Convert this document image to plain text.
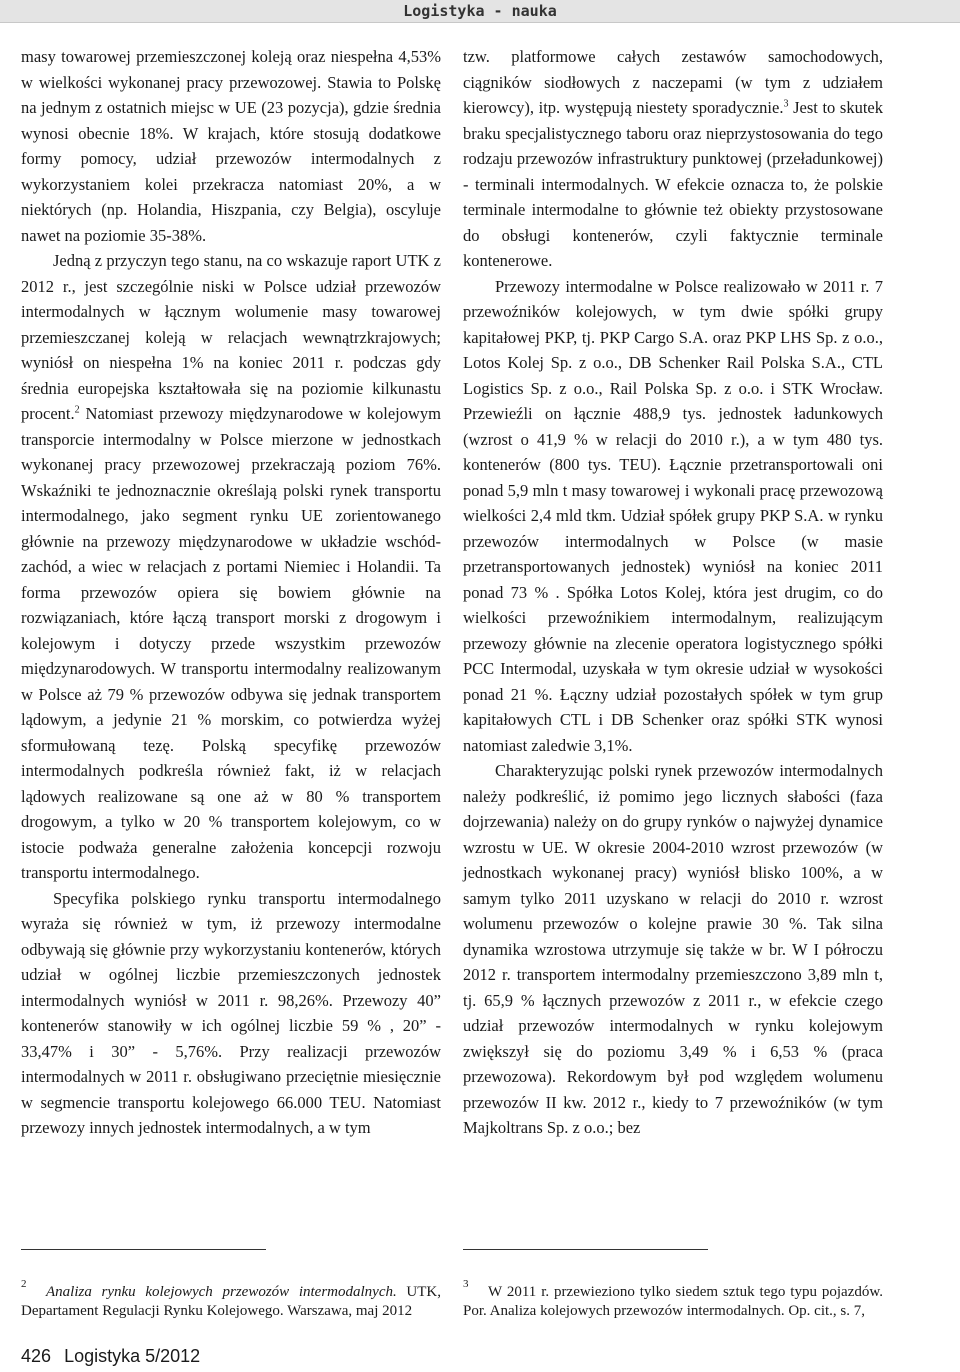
Logistyka - nauka

masy towarowej przemieszczonej koleją oraz niespełna 4,53% w wielkości wykonanej pracy przewozowej. Stawia to Polskę na jednym z ostatnich miejsc w UE (23 pozycja), gdzie średnia wynosi obecnie 18%. W krajach, które stosują dodatkowe formy pomocy, udział przewozów intermodalnych z wykorzystaniem kolei przekracza natomiast 20%, a w niektórych (np. Holandia, Hiszpania, czy Belgia), oscyluje nawet na poziomie 35-38%.

Jedną z przyczyn tego stanu, na co wskazuje raport UTK z 2012 r., jest szczególnie niski w Polsce udział przewozów intermodalnych w łącznym wolumenie masy towarowej przemieszczanej koleją w relacjach wewnątrzkrajowych; wyniósł on niespełna 1% na koniec 2011 r. podczas gdy średnia europejska kształtowała się na poziomie kilkunastu procent.$^2$ Natomiast przewozy międzynarodowe w kolejowym transporcie intermodalny w Polsce mierzone w jednostkach wykonanej pracy przewozowej przekraczają poziom 76%. Wskaźniki te jednoznacznie określają polski rynek transportu intermodalnego, jako segment rynku UE zorientowanego głównie na przewozy międzynarodowe w układzie wschód-zachód, a wiec w relacjach z portami Niemiec i Holandii. Ta forma przewozów opiera się bowiem głównie na rozwiązaniach, które łączą transport morski z drogowym i kolejowym i dotyczy przede wszystkim przewozów międzynarodowych. W transportu intermodalny realizowanym w Polsce aż 79 % przewozów odbywa się jednak transportem lądowym, a jedynie 21 % morskim, co potwierdza wyżej sformułowaną tezę. Polską specyfikę przewozów intermodalnych podkreśla również fakt, iż w relacjach lądowych realizowane są one aż w 80 % transportem drogowym, a tylko w 20 % transportem kolejowym, co w istocie podważa generalne założenia koncepcji rozwoju transportu intermodalnego.

Specyfika polskiego rynku transportu intermodalnego wyraża się również w tym, iż przewozy intermodalne odbywają się głównie przy wykorzystaniu kontenerów, których udział w ogólnej liczbie przemieszczonych jednostek intermodalnych wyniósł w 2011 r. 98,26%. Przewozy 40” kontenerów stanowiły w ich ogólnej liczbie 59 % , 20” - 33,47% i 30” - 5,76%. Przy realizacji przewozów intermodalnych w 2011 r. obsługiwano przeciętnie miesięcznie w segmencie transportu kolejowego 66.000 TEU. Natomiast przewozy innych jednostek intermodalnych, a w tym

tzw. platformowe całych zestawów samochodowych, ciągników siodłowych z naczepami (w tym z udziałem kierowcy), itp. występują niestety sporadycznie.$^3$ Jest to skutek braku specjalistycznego taboru oraz nieprzystosowania do tego rodzaju przewozów infrastruktury punktowej (przeładunkowej) - terminali intermodalnych. W efekcie oznacza to, że polskie terminale intermodalne to głównie też obiekty przystosowane do obsługi kontenerów, czyli faktycznie terminale kontenerowe.

Przewozy intermodalne w Polsce realizowało w 2011 r. 7 przewoźników kolejowych, w tym dwie spółki grupy kapitałowej PKP, tj. PKP Cargo S.A. oraz PKP LHS Sp. z o.o., Lotos Kolej Sp. z o.o., DB Schenker Rail Polska S.A., CTL Logistics Sp. z o.o., Rail Polska Sp. z o.o. i STK Wrocław. Przewieźli on łącznie 488,9 tys. jednostek ładunkowych (wzrost o 41,9 % w relacji do 2010 r.), a w tym 480 tys. kontenerów (800 tys. TEU). Łącznie przetransportowali oni ponad 5,9 mln t masy towarowej i wykonali pracę przewozową wielkości 2,4 mld tkm. Udział spółek grupy PKP S.A. w rynku przewozów intermodalnych w Polsce (w masie przetransportowanych jednostek) wyniósł na koniec 2011 ponad 73 % . Spółka Lotos Kolej, która jest drugim, co do wielkości przewoźnikiem intermodalnym, realizującym przewozy głównie na zlecenie operatora logistycznego spółki PCC Intermodal, uzyskała w tym okresie udział w wysokości ponad 21 %. Łączny udział pozostałych spółek w tym grup kapitałowych CTL i DB Schenker oraz spółki STK wynosi natomiast zaledwie 3,1%.

Charakteryzując polski rynek przewozów intermodalnych należy podkreślić, iż pomimo jego licznych słabości (faza dojrzewania) należy on do grupy rynków o najwyżej dynamice wzrostu w UE. W okresie 2004-2010 wzrost przewozów (w jednostkach wykonanej pracy) wyniósł blisko 100%, a w samym tylko 2011 uzyskano w relacji do 2010 r. wzrost wolumenu przewozów o kolejne prawie 30 %. Tak silna dynamika wzrostowa utrzymuje się także w br. W I półroczu 2012 r. transportem intermodalny przemieszczono 3,89 mln t, tj. 65,9 % łącznych przewozów z 2011 r., w efekcie czego udział przewozów intermodalnych w rynku kolejowym zwiększył się do poziomu 3,49 % i 6,53 % (praca przewozowa). Rekordowym był pod względem wolumenu przewozów II kw. 2012 r., kiedy to 7 przewoźników (w tym Majkoltrans Sp. z o.o.; bez

2 Analiza rynku kolejowych przewozów intermodalnych. UTK, Departament Regulacji Rynku Kolejowego. Warszawa, maj 2012
3 W 2011 r. przewieziono tylko siedem sztuk tego typu pojazdów. Por. Analiza kolejowych przewozów intermodalnych. Op. cit., s. 7,
426 Logistyka 5/2012
